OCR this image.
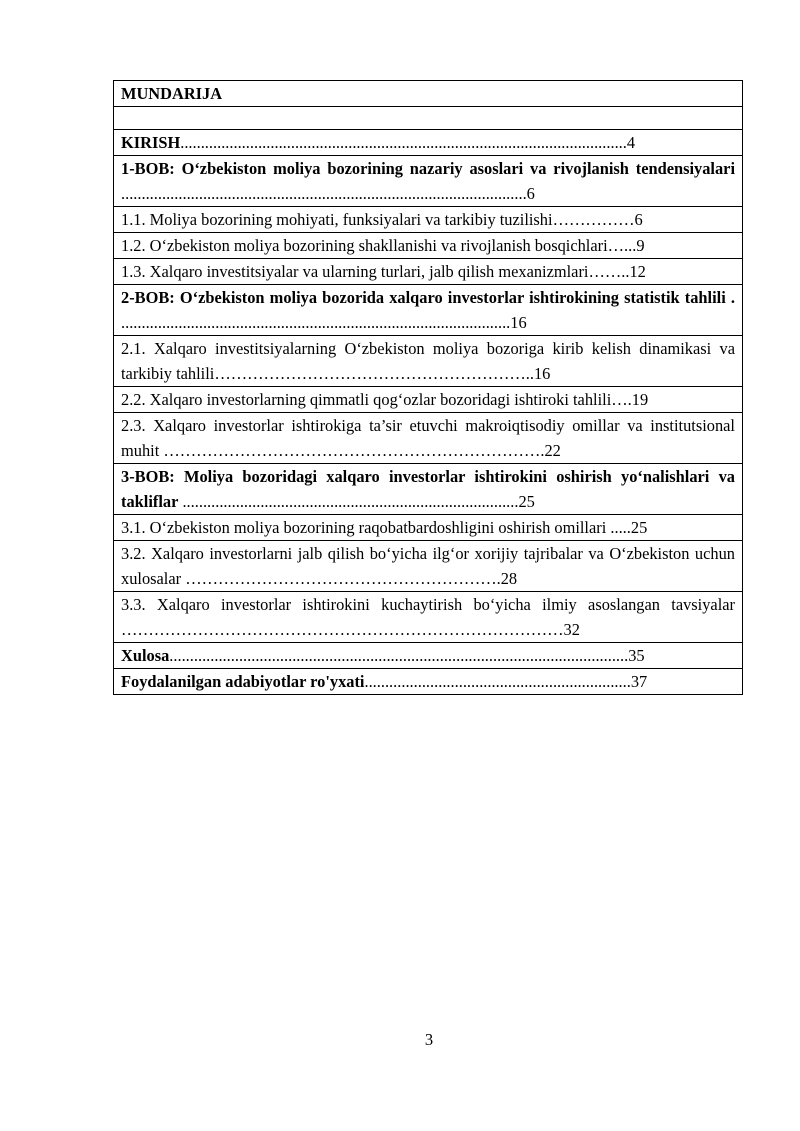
MUNDARIJA

KIRISH.............................................................................................................4
1-BOB: O‘zbekiston moliya bozorining nazariy asoslari va rivojlanish tendensiyalari ...................................................................................................6
1.1. Moliya bozorining mohiyati, funksiyalari va tarkibiy tuzilishi……………6
1.2. O‘zbekiston moliya bozorining shakllanishi va rivojlanish bosqichlari…...9
1.3. Xalqaro investitsiyalar va ularning turlari, jalb qilish mexanizmlari……..12
2-BOB: O‘zbekiston moliya bozorida xalqaro investorlar ishtirokining statistik tahlili . ...............................................................................................16
2.1. Xalqaro investitsiyalarning O‘zbekiston moliya bozoriga kirib kelish dinamikasi va tarkibiy tahlili…………………………………………………..16
2.2. Xalqaro investorlarning qimmatli qog‘ozlar bozoridagi ishtiroki tahlili….19
2.3. Xalqaro investorlar ishtirokiga ta’sir etuvchi makroiqtisodiy omillar va institutsional muhit …………………………………………………………….22
3-BOB: Moliya bozoridagi xalqaro investorlar ishtirokini oshirish yo‘nalishlari va takliflar ..................................................................................25
3.1. O‘zbekiston moliya bozorining raqobatbardoshligini oshirish omillari .....25
3.2. Xalqaro investorlarni jalb qilish bo‘yicha ilg‘or xorijiy tajribalar va O‘zbekiston uchun xulosalar ………………………………………………….28
3.3. Xalqaro investorlar ishtirokini kuchaytirish bo‘yicha ilmiy asoslangan tavsiyalar ………………………………………………………………………32
Xulosa................................................................................................................35
Foydalanilgan adabiyotlar ro'yxati.................................................................37
3
